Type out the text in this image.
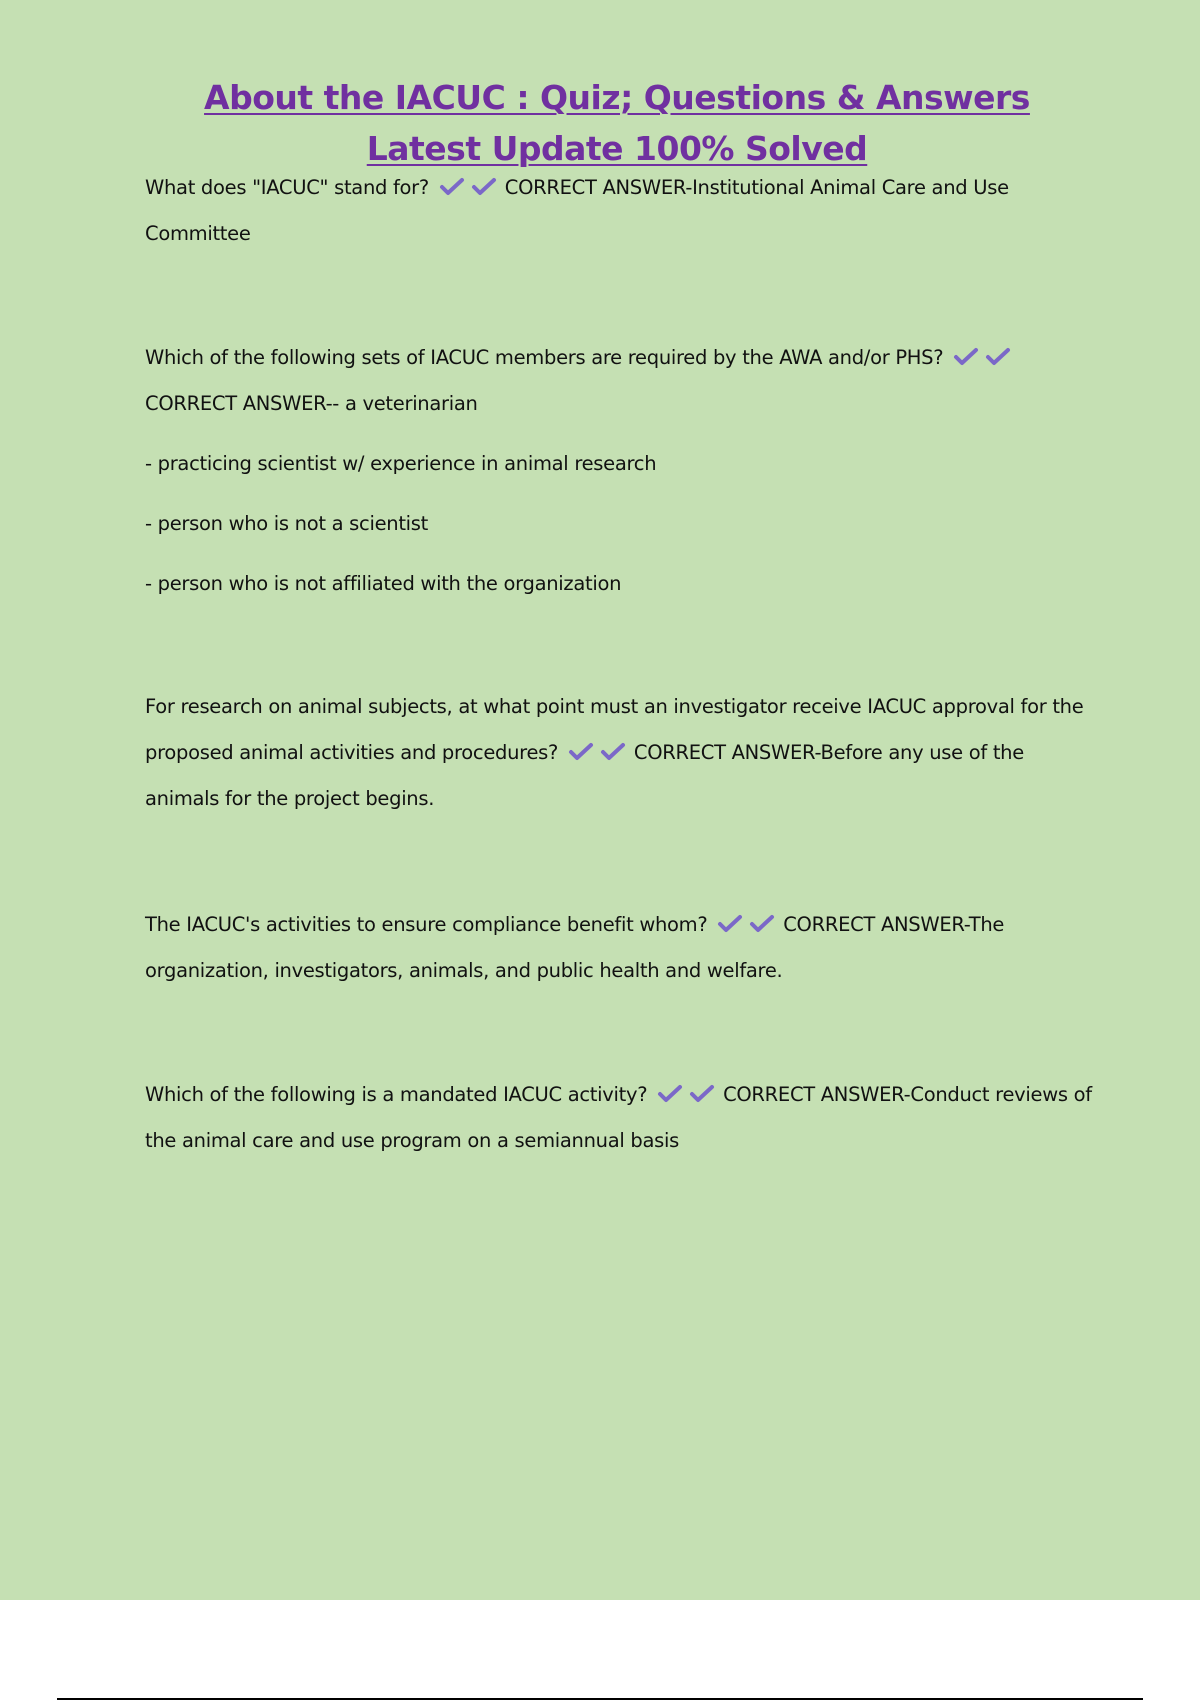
About the IACUC : Quiz; Questions & Answers Latest Update 100% Solved

What does "IACUC" stand for?	CORRECT ANSWER-Institutional Animal Care and Use Committee

Which of the following sets of IACUC members are required by the AWA and/or PHS?  CORRECT ANSWER-- a veterinarian

- practicing scientist w/ experience in animal research

- person who is not a scientist

- person who is not affiliated with the organization

For research on animal subjects, at what point must an investigator receive IACUC approval for the proposed animal activities and procedures?	CORRECT ANSWER-Before any use of the animals for the project begins.

The IACUC's activities to ensure compliance benefit whom?	CORRECT ANSWER-The organization, investigators, animals, and public health and welfare.

Which of the following is a mandated IACUC activity?	CORRECT ANSWER-Conduct reviews of the animal care and use program on a semiannual basis
